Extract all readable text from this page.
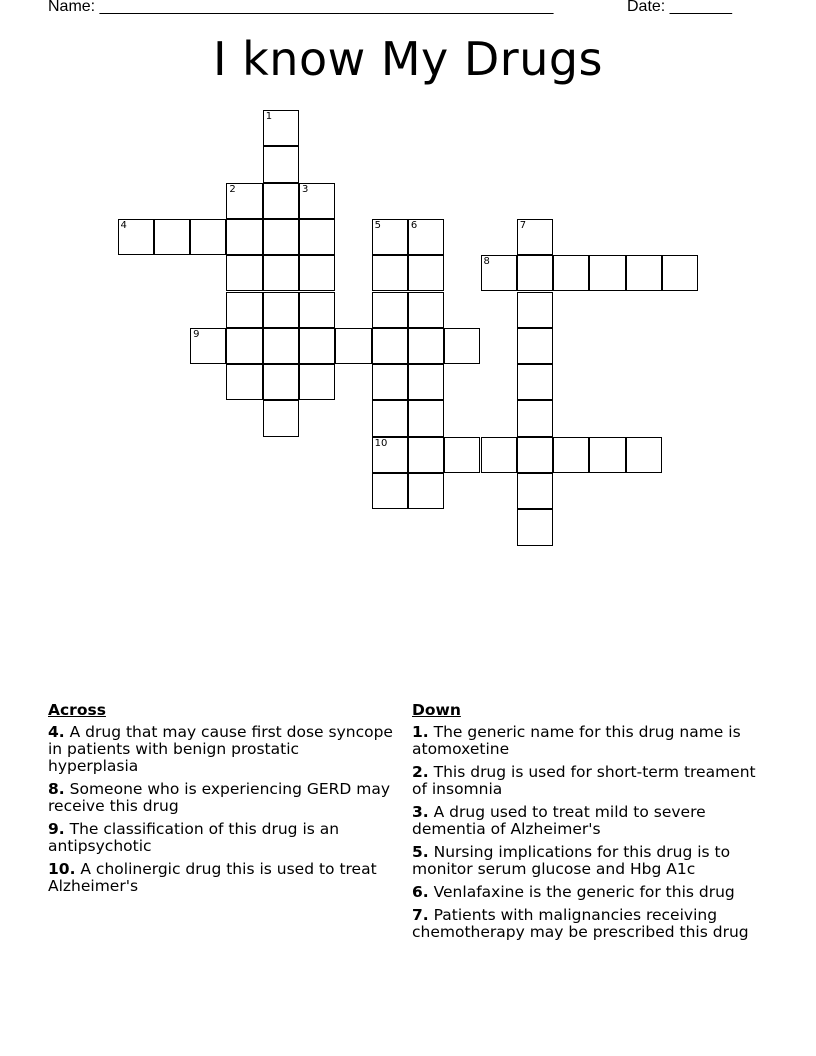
Name: ___________________________________________________	Date: _______
I know My Drugs
1
2	3
5
10
6	7
4
8
9
Across
4. A drug that may cause first dose syncope in patients with benign prostatic hyperplasia
8. Someone who is experiencing GERD may receive this drug
9. The classification of this drug is an antipsychotic
10. A cholinergic drug this is used to treat Alzheimer's
Down
1. The generic name for this drug name is atomoxetine
2. This drug is used for short-term treament of insomnia
3. A drug used to treat mild to severe dementia of Alzheimer's
5. Nursing implications for this drug is to monitor serum glucose and Hbg A1c
6. Venlafaxine is the generic for this drug
7. Patients with malignancies receiving chemotherapy may be prescribed this drug
